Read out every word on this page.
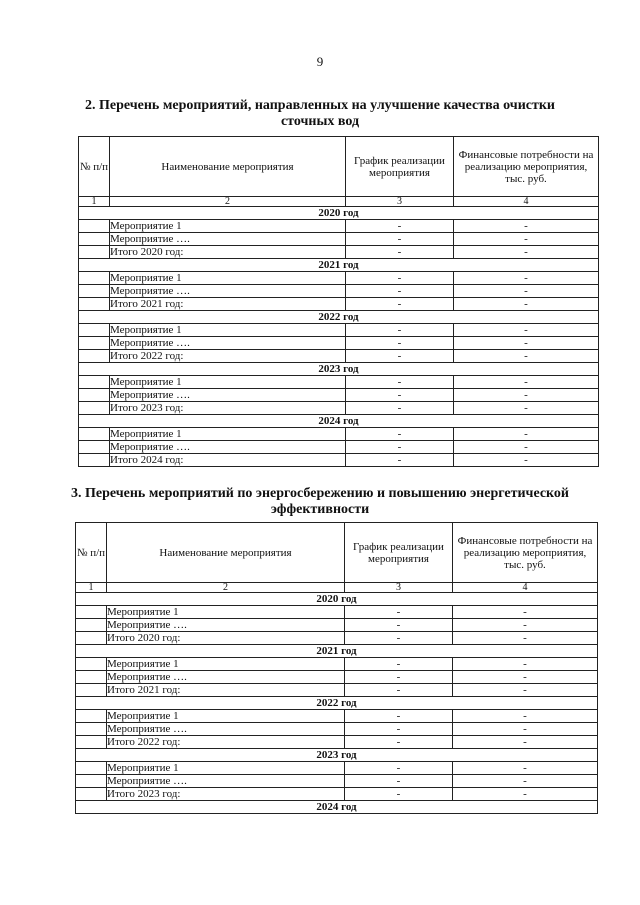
9
2. Перечень мероприятий, направленных на улучшение качества очистки сточных вод
№ п/п	Наименование мероприятия	График реализации мероприятия	Финансовые потребности на реализацию мероприятия, тыс. руб.
1	2	3	4
2020 год			
	Мероприятие 1	-	-
	Мероприятие ….	-	-
	Итого 2020 год:	-	-
2021 год			
	Мероприятие 1	-	-
	Мероприятие ….	-	-
	Итого 2021 год:	-	-
2022 год			
	Мероприятие 1	-	-
	Мероприятие ….	-	-
	Итого 2022 год:	-	-
2023 год			
	Мероприятие 1	-	-
	Мероприятие ….	-	-
	Итого 2023 год:	-	-
2024 год			
	Мероприятие 1	-	-
	Мероприятие ….	-	-
	Итого 2024 год:	-	-
3. Перечень мероприятий по энергосбережению и повышению энергетической эффективности
№ п/п	Наименование мероприятия	График реализации мероприятия	Финансовые потребности на реализацию мероприятия, тыс. руб.
1	2	3	4
2020 год			
	Мероприятие 1	-	-
	Мероприятие ….	-	-
	Итого 2020 год:	-	-
2021 год			
	Мероприятие 1	-	-
	Мероприятие ….	-	-
	Итого 2021 год:	-	-
2022 год			
	Мероприятие 1	-	-
	Мероприятие ….	-	-
	Итого 2022 год:	-	-
2023 год			
	Мероприятие 1	-	-
	Мероприятие ….	-	-
	Итого 2023 год:	-	-
2024 год			
